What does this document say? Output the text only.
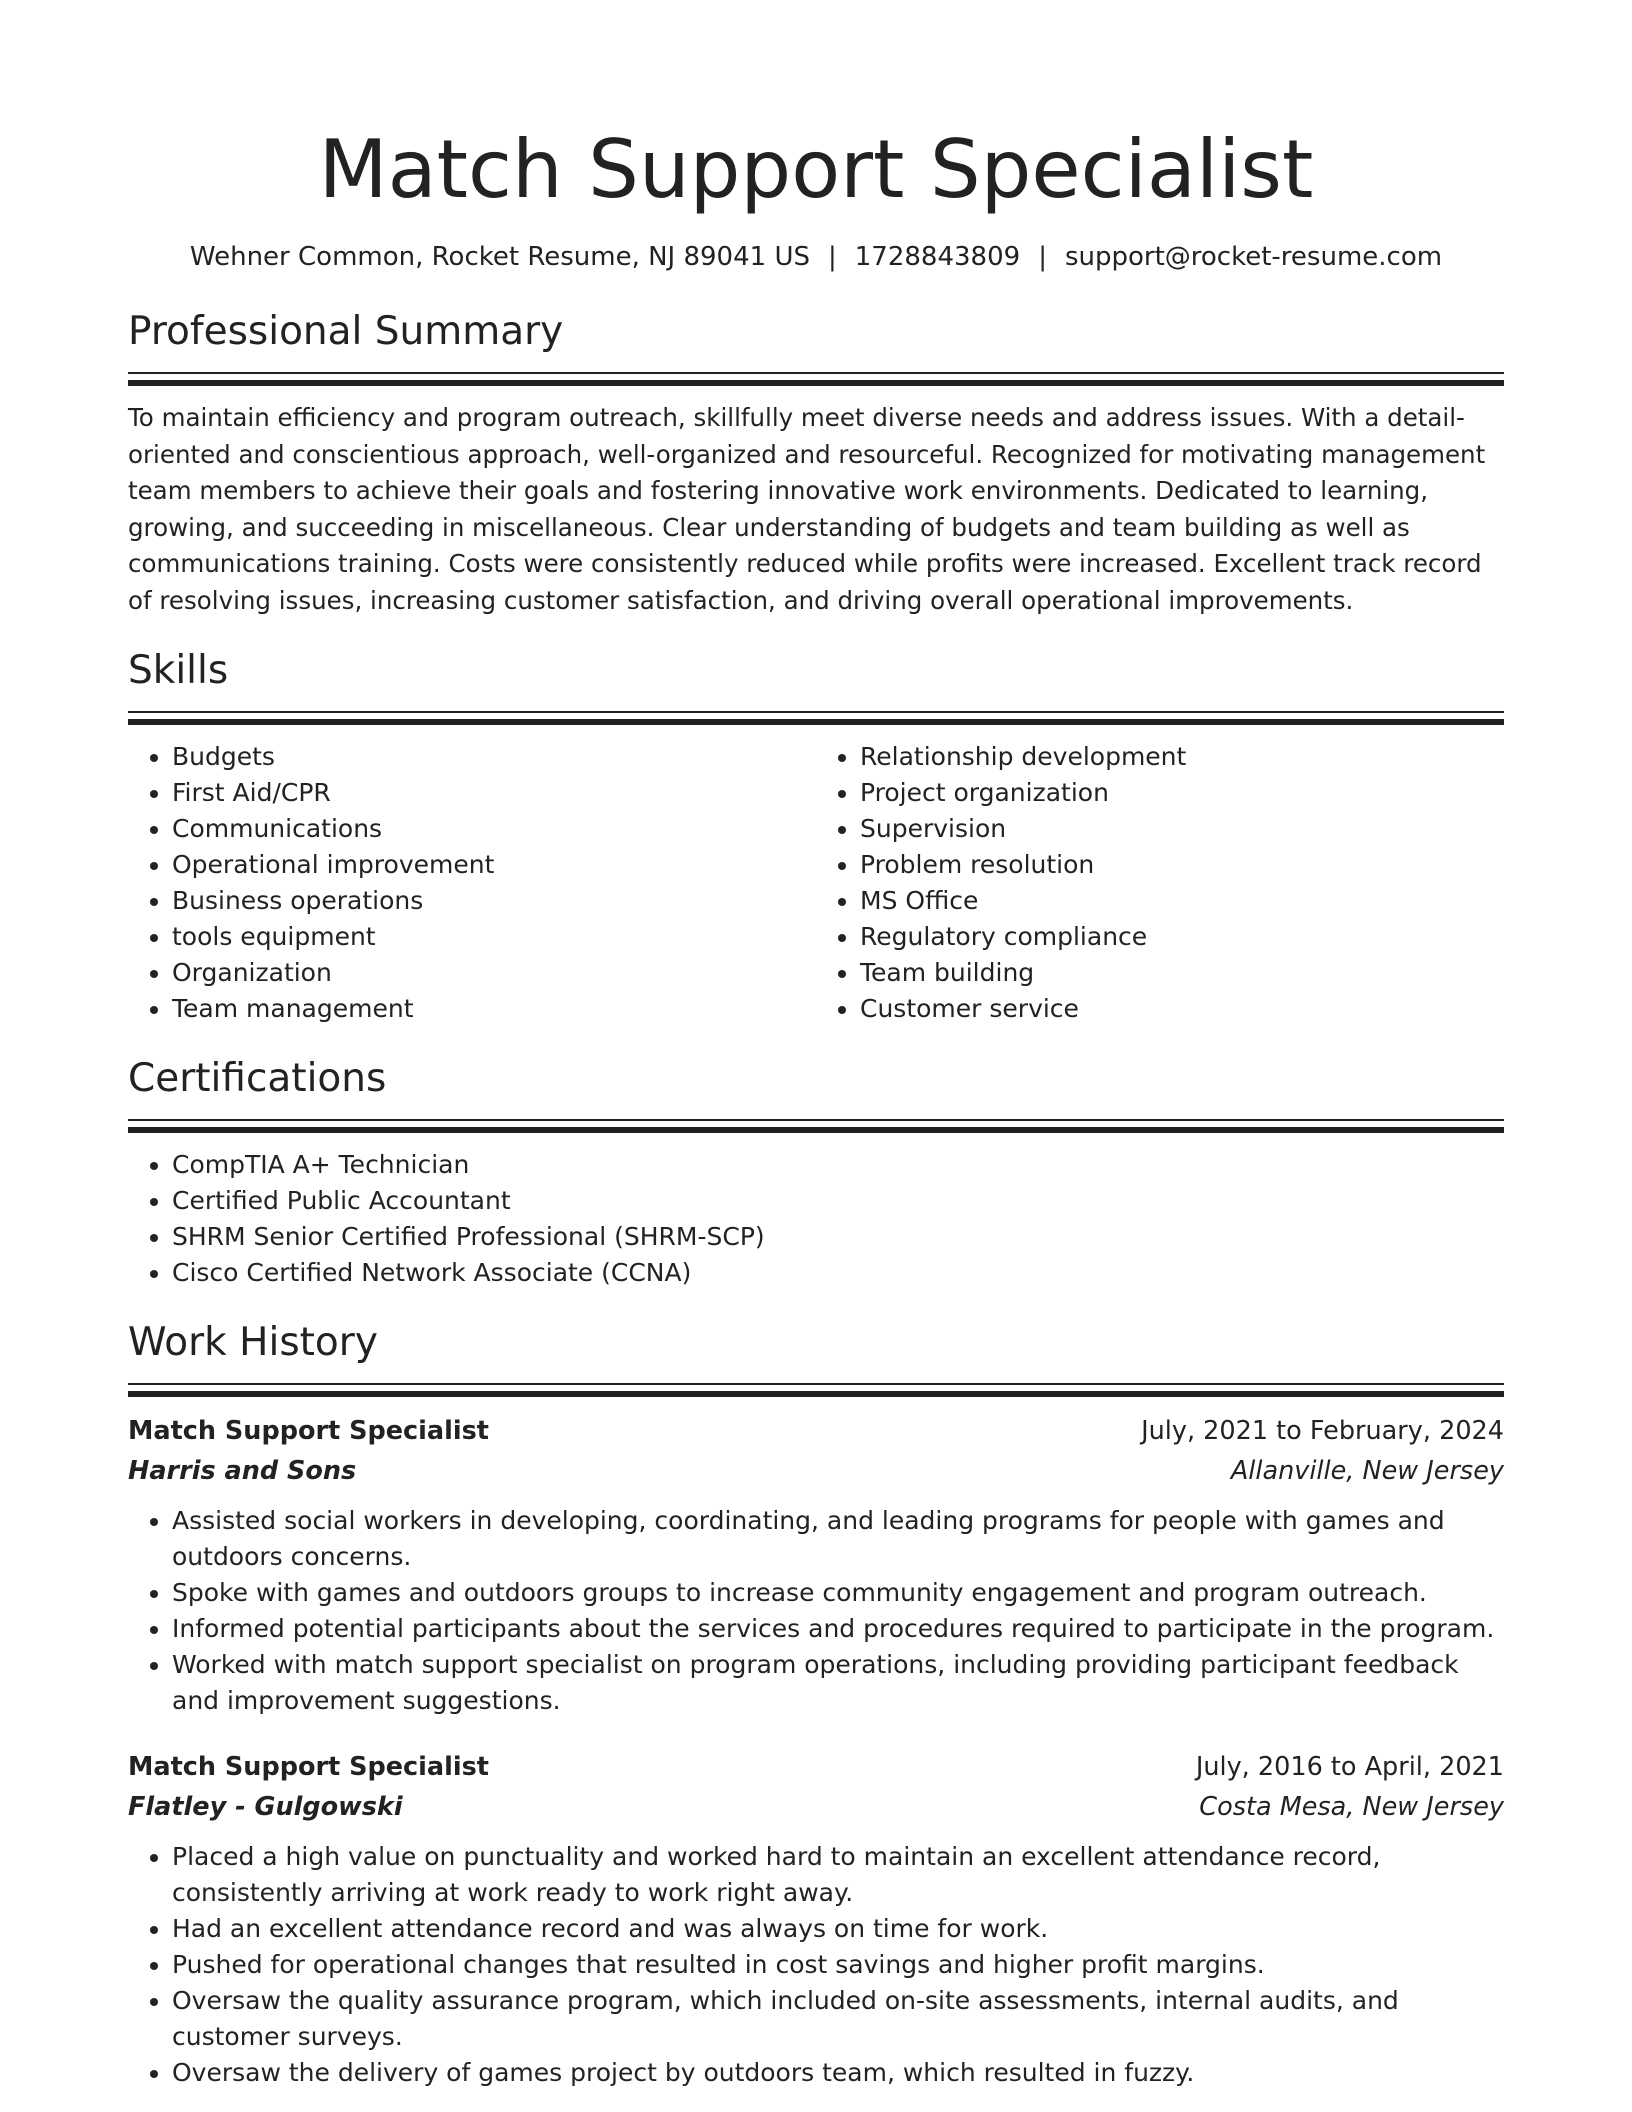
Match Support Specialist
Wehner Common, Rocket Resume, NJ 89041 US | 1728843809 | support@rocket-resume.com
Professional Summary

To maintain efficiency and program outreach, skillfully meet diverse needs and address issues. With a detail-oriented and conscientious approach, well-organized and resourceful. Recognized for motivating management team members to achieve their goals and fostering innovative work environments. Dedicated to learning, growing, and succeeding in miscellaneous. Clear understanding of budgets and team building as well as communications training. Costs were consistently reduced while profits were increased. Excellent track record of resolving issues, increasing customer satisfaction, and driving overall operational improvements.

Skills
• Budgets
• First Aid/CPR
• Communications
• Operational improvement
• Business operations
• tools equipment
• Organization
• Team management
• Relationship development
• Project organization
• Supervision
• Problem resolution
• MS Office
• Regulatory compliance
• Team building
• Customer service
Certifications
• CompTIA A+ Technician
• Certified Public Accountant
• SHRM Senior Certified Professional (SHRM-SCP)
• Cisco Certified Network Associate (CCNA)
Work History
Match Support Specialist	July, 2021 to February, 2024
Harris and Sons	Allanville, New Jersey
• Assisted social workers in developing, coordinating, and leading programs for people with games and outdoors concerns.
• Spoke with games and outdoors groups to increase community engagement and program outreach.
• Informed potential participants about the services and procedures required to participate in the program.
• Worked with match support specialist on program operations, including providing participant feedback and improvement suggestions.
Match Support Specialist	July, 2016 to April, 2021
Flatley - Gulgowski	Costa Mesa, New Jersey
• Placed a high value on punctuality and worked hard to maintain an excellent attendance record, consistently arriving at work ready to work right away.
• Had an excellent attendance record and was always on time for work.
• Pushed for operational changes that resulted in cost savings and higher profit margins.
• Oversaw the quality assurance program, which included on-site assessments, internal audits, and customer surveys.
• Oversaw the delivery of games project by outdoors team, which resulted in fuzzy.
